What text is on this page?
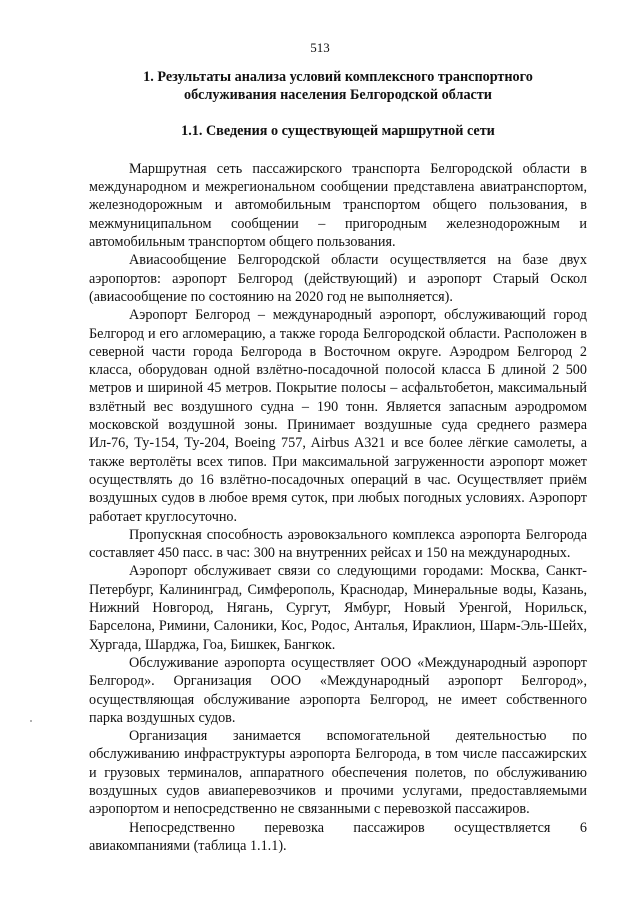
513
1. Результаты анализа условий комплексного транспортного обслуживания населения Белгородской области
1.1. Сведения о существующей маршрутной сети

Маршрутная сеть пассажирского транспорта Белгородской области в международном и межрегиональном сообщении представлена авиатранспортом, железнодорожным и автомобильным транспортом общего пользования, в межмуниципальном сообщении – пригородным железнодорожным и автомобильным транспортом общего пользования.

Авиасообщение Белгородской области осуществляется на базе двух аэропортов: аэропорт Белгород (действующий) и аэропорт Старый Оскол (авиасообщение по состоянию на 2020 год не выполняется).

Аэропорт Белгород – международный аэропорт, обслуживающий город Белгород и его агломерацию, а также города Белгородской области. Расположен в северной части города Белгорода в Восточном округе. Аэродром Белгород 2 класса, оборудован одной взлётно-посадочной полосой класса Б длиной 2 500 метров и шириной 45 метров. Покрытие полосы – асфальтобетон, максимальный взлётный вес воздушного судна – 190 тонн. Является запасным аэродромом московской воздушной зоны. Принимает воздушные суда среднего размера Ил-76, Ту-154, Ту-204, Boeing 757, Airbus A321 и все более лёгкие самолеты, а также вертолёты всех типов. При максимальной загруженности аэропорт может осуществлять до 16 взлётно-посадочных операций в час. Осуществляет приём воздушных судов в любое время суток, при любых погодных условиях. Аэропорт работает круглосуточно.

Пропускная способность аэровокзального комплекса аэропорта Белгорода составляет 450 пасс. в час: 300 на внутренних рейсах и 150 на международных.

Аэропорт обслуживает связи со следующими городами: Москва, Санкт-Петербург, Калининград, Симферополь, Краснодар, Минеральные воды, Казань, Нижний Новгород, Нягань, Сургут, Ямбург, Новый Уренгой, Норильск, Барселона, Римини, Салоники, Кос, Родос, Анталья, Ираклион, Шарм-Эль-Шейх, Хургада, Шарджа, Гоа, Бишкек, Бангкок.

Обслуживание аэропорта осуществляет ООО «Международный аэропорт Белгород». Организация ООО «Международный аэропорт Белгород», осуществляющая обслуживание аэропорта Белгород, не имеет собственного парка воздушных судов.

Организация занимается вспомогательной деятельностью по обслуживанию инфраструктуры аэропорта Белгорода, в том числе пассажирских и грузовых терминалов, аппаратного обеспечения полетов, по обслуживанию воздушных судов авиаперевозчиков и прочими услугами, предоставляемыми аэропортом и непосредственно не связанными с перевозкой пассажиров.

Непосредственно перевозка пассажиров осуществляется 6 авиакомпаниями (таблица 1.1.1).
